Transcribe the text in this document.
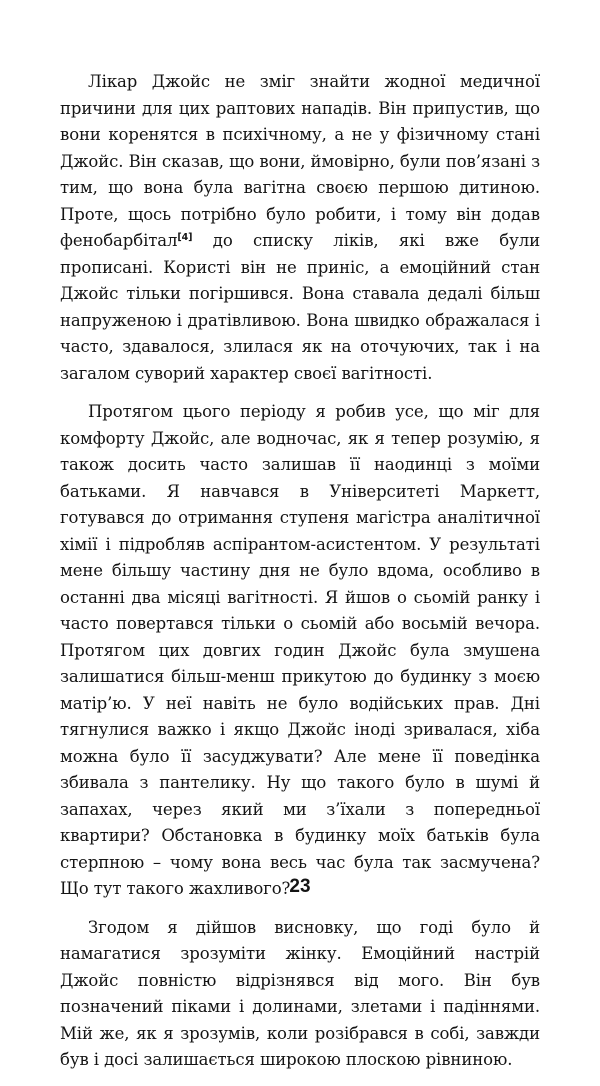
Лікар Джойс не зміг знайти жодної медичної причини для цих раптових нападів. Він припустив, що вони коренятся в психічному, а не у фізичному стані Джойс. Він сказав, що вони, ймовірно, були пов’язані з тим, що вона була вагітна своєю першою дитиною. Проте, щось потрібно було робити, і тому він додав фенобарбітал[4] до списку ліків, які вже були прописані. Користі він не приніс, а емоційний стан Джойс тільки погіршився. Вона ставала дедалі більш напруженою і дратівливою. Вона швидко ображалася і часто, здавалося, злилася як на оточуючих, так і на загалом суворий характер своєї вагітності.

Протягом цього періоду я робив усе, що міг для комфорту Джойс, але водночас, як я тепер розумію, я також досить часто залишав її наодинці з моїми батьками. Я навчався в Університеті Маркетт, готувався до отримання ступеня магістра аналітичної хімії і підробляв аспірантом-асистентом. У результаті мене більшу частину дня не було вдома, особливо в останні два місяці вагітності. Я йшов о сьомій ранку і часто повертався тільки о сьомій або восьмій вечора. Протягом цих довгих годин Джойс була змушена залишатися більш-менш прикутою до будинку з моєю матір’ю. У неї навіть не було водійських прав. Дні тягнулися важко і якщо Джойс іноді зривалася, хіба можна було її засуджувати? Але мене її поведінка збивала з пантелику. Ну що такого було в шумі й запахах, через який ми з’їхали з попередньої квартири? Обстановка в будинку моїх батьків була стерпною – чому вона весь час була так засмучена? Що тут такого жахливого?

Згодом я дійшов висновку, що годі було й намагатися зрозуміти жінку. Емоційний настрій Джойс повністю відрізнявся від мого. Він був позначений піками і долинами, злетами і падіннями. Мій же, як я зрозумів, коли розібрався в собі, завжди був і досі залишається широкою плоскою рівниною.

23
